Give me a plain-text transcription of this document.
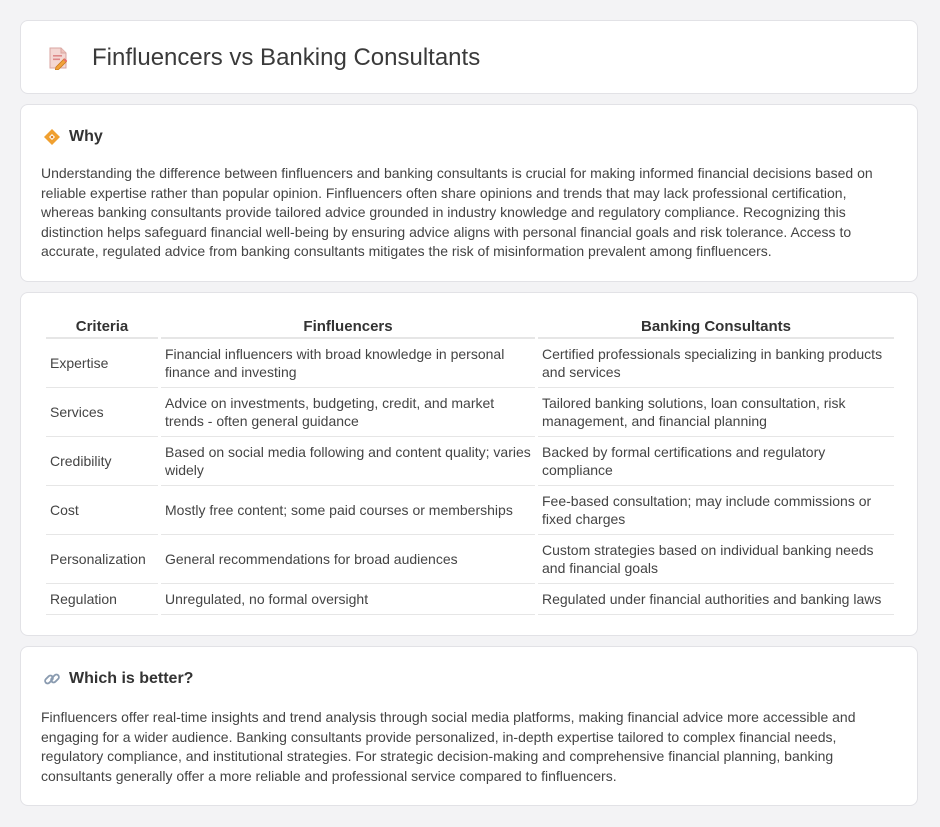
Finfluencers vs Banking Consultants
Why

Understanding the difference between finfluencers and banking consultants is crucial for making informed financial decisions based on reliable expertise rather than popular opinion. Finfluencers often share opinions and trends that may lack professional certification, whereas banking consultants provide tailored advice grounded in industry knowledge and regulatory compliance. Recognizing this distinction helps safeguard financial well-being by ensuring advice aligns with personal financial goals and risk tolerance. Access to accurate, regulated advice from banking consultants mitigates the risk of misinformation prevalent among finfluencers.

Criteria	Finfluencers	Banking Consultants
Expertise	Financial influencers with broad knowledge in personal finance and investing	Certified professionals specializing in banking products and services
Services	Advice on investments, budgeting, credit, and market trends - often general guidance	Tailored banking solutions, loan consultation, risk management, and financial planning
Credibility	Based on social media following and content quality; varies widely	Backed by formal certifications and regulatory compliance
Cost	Mostly free content; some paid courses or memberships	Fee-based consultation; may include commissions or fixed charges
Personalization	General recommendations for broad audiences	Custom strategies based on individual banking needs and financial goals
Regulation	Unregulated, no formal oversight	Regulated under financial authorities and banking laws
Which is better?

Finfluencers offer real-time insights and trend analysis through social media platforms, making financial advice more accessible and engaging for a wider audience. Banking consultants provide personalized, in-depth expertise tailored to complex financial needs, regulatory compliance, and institutional strategies. For strategic decision-making and comprehensive financial planning, banking consultants generally offer a more reliable and professional service compared to finfluencers.
